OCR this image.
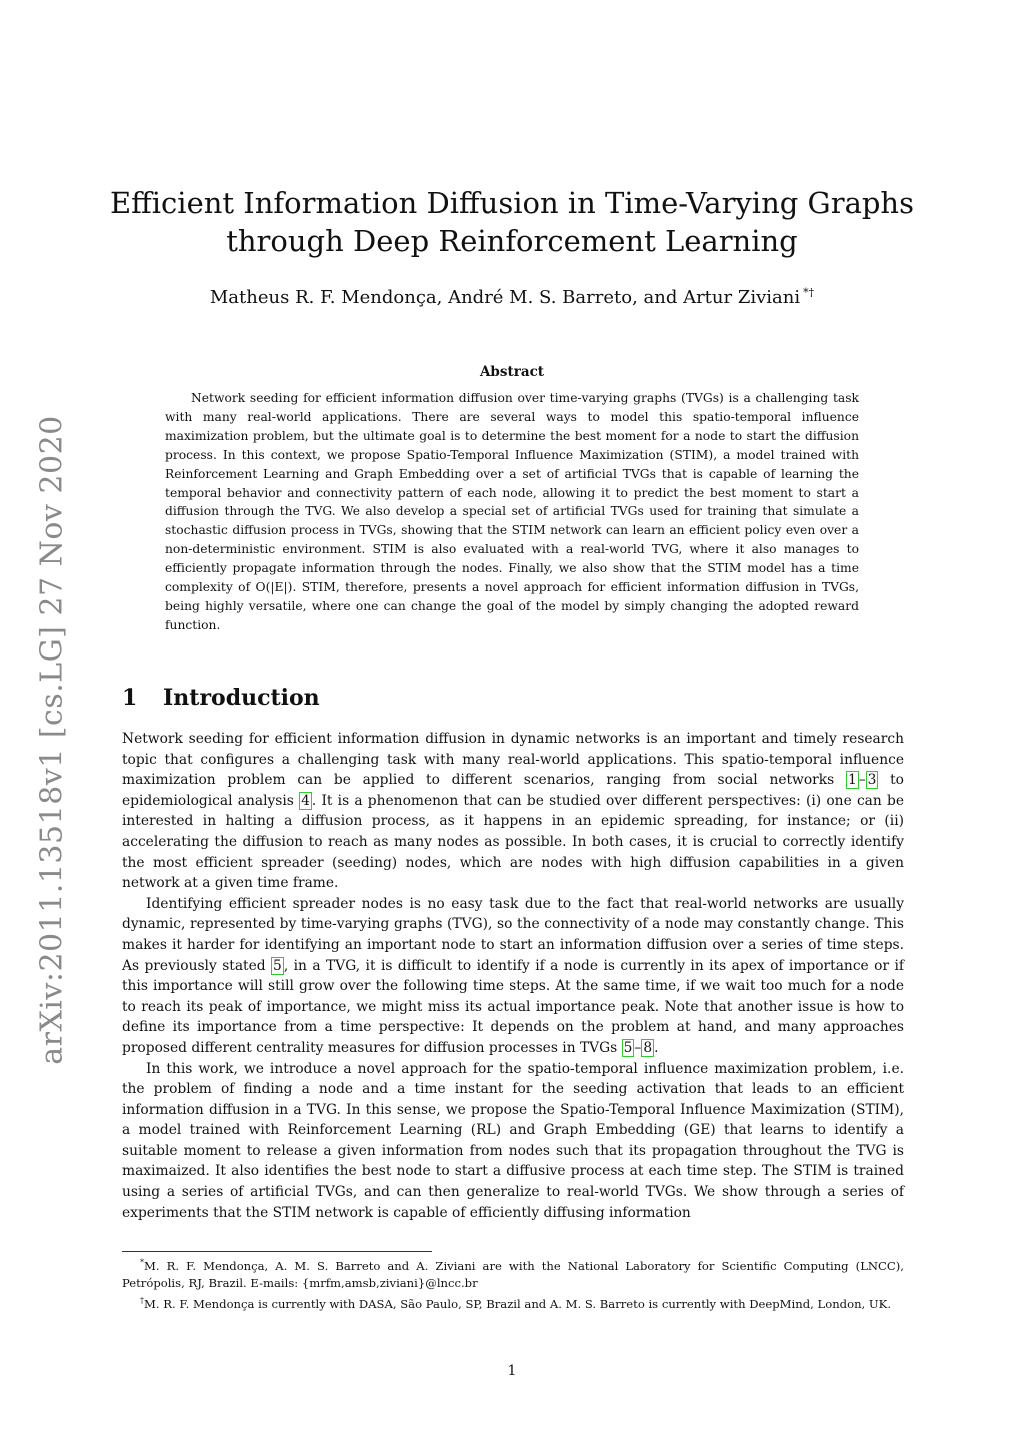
arXiv:2011.13518v1 [cs.LG] 27 Nov 2020
Efficient Information Diffusion in Time-Varying Graphs through Deep Reinforcement Learning
Matheus R. F. Mendonça, André M. S. Barreto, and Artur Ziviani *†
Abstract

Network seeding for efficient information diffusion over time-varying graphs (TVGs) is a challenging task with many real-world applications. There are several ways to model this spatio-temporal influence maximization problem, but the ultimate goal is to determine the best moment for a node to start the diffusion process. In this context, we propose Spatio-Temporal Influence Maximization (STIM), a model trained with Reinforcement Learning and Graph Embedding over a set of artificial TVGs that is capable of learning the temporal behavior and connectivity pattern of each node, allowing it to predict the best moment to start a diffusion through the TVG. We also develop a special set of artificial TVGs used for training that simulate a stochastic diffusion process in TVGs, showing that the STIM network can learn an efficient policy even over a non-deterministic environment. STIM is also evaluated with a real-world TVG, where it also manages to efficiently propagate information through the nodes. Finally, we also show that the STIM model has a time complexity of O(|E|). STIM, therefore, presents a novel approach for efficient information diffusion in TVGs, being highly versatile, where one can change the goal of the model by simply changing the adopted reward function.

1 Introduction

Network seeding for efficient information diffusion in dynamic networks is an important and timely research topic that configures a challenging task with many real-world applications. This spatio-temporal influence maximization problem can be applied to different scenarios, ranging from social networks 1 – 3 to epidemiological analysis 4 . It is a phenomenon that can be studied over different perspectives: (i) one can be interested in halting a diffusion process, as it happens in an epidemic spreading, for instance; or (ii) accelerating the diffusion to reach as many nodes as possible. In both cases, it is crucial to correctly identify the most efficient spreader (seeding) nodes, which are nodes with high diffusion capabilities in a given network at a given time frame.

Identifying efficient spreader nodes is no easy task due to the fact that real-world networks are usually dynamic, represented by time-varying graphs (TVG), so the connectivity of a node may constantly change. This makes it harder for identifying an important node to start an information diffusion over a series of time steps. As previously stated 5 , in a TVG, it is difficult to identify if a node is currently in its apex of importance or if this importance will still grow over the following time steps. At the same time, if we wait too much for a node to reach its peak of importance, we might miss its actual importance peak. Note that another issue is how to define its importance from a time perspective: It depends on the problem at hand, and many approaches proposed different centrality measures for diffusion processes in TVGs 5 – 8 .

In this work, we introduce a novel approach for the spatio-temporal influence maximization problem, i.e. the problem of finding a node and a time instant for the seeding activation that leads to an efficient information diffusion in a TVG. In this sense, we propose the Spatio-Temporal Influence Maximization (STIM), a model trained with Reinforcement Learning (RL) and Graph Embedding (GE) that learns to identify a suitable moment to release a given information from nodes such that its propagation throughout the TVG is maximaized. It also identifies the best node to start a diffusive process at each time step. The STIM is trained using a series of artificial TVGs, and can then generalize to real-world TVGs. We show through a series of experiments that the STIM network is capable of efficiently diffusing information

*M. R. F. Mendonça, A. M. S. Barreto and A. Ziviani are with the National Laboratory for Scientific Computing (LNCC), Petrópolis, RJ, Brazil. E-mails: {mrfm,amsb,ziviani}@lncc.br

†M. R. F. Mendonça is currently with DASA, São Paulo, SP, Brazil and A. M. S. Barreto is currently with DeepMind, London, UK.

1
